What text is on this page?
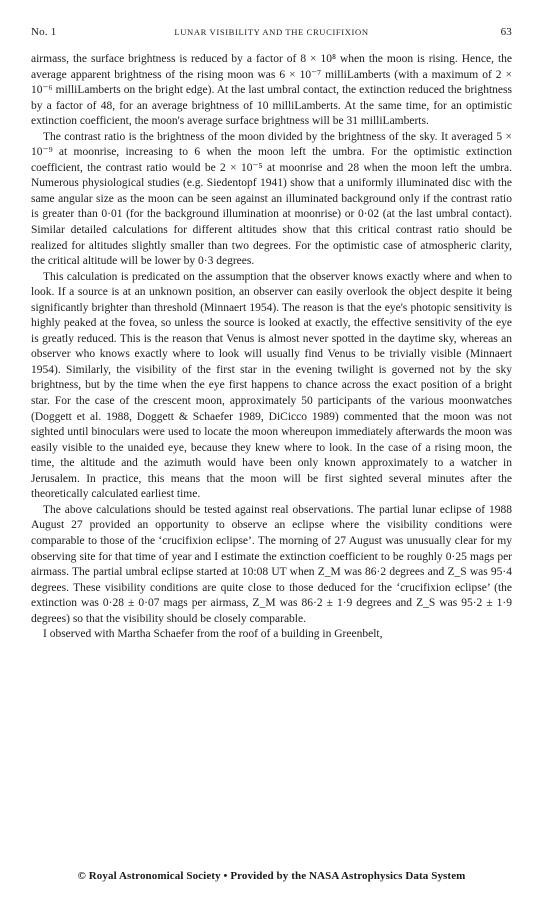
No. 1	LUNAR VISIBILITY AND THE CRUCIFIXION	63

airmass, the surface brightness is reduced by a factor of 8 × 10⁸ when the moon is rising. Hence, the average apparent brightness of the rising moon was 6 × 10⁻⁷ milliLamberts (with a maximum of 2 × 10⁻⁶ milliLamberts on the bright edge). At the last umbral contact, the extinction reduced the brightness by a factor of 48, for an average brightness of 10 milliLamberts. At the same time, for an optimistic extinction coefficient, the moon's average surface brightness will be 31 milliLamberts.

The contrast ratio is the brightness of the moon divided by the brightness of the sky. It averaged 5 × 10⁻⁹ at moonrise, increasing to 6 when the moon left the umbra. For the optimistic extinction coefficient, the contrast ratio would be 2 × 10⁻⁵ at moonrise and 28 when the moon left the umbra. Numerous physiological studies (e.g. Siedentopf 1941) show that a uniformly illuminated disc with the same angular size as the moon can be seen against an illuminated background only if the contrast ratio is greater than 0·01 (for the background illumination at moonrise) or 0·02 (at the last umbral contact). Similar detailed calculations for different altitudes show that this critical contrast ratio should be realized for altitudes slightly smaller than two degrees. For the optimistic case of atmospheric clarity, the critical altitude will be lower by 0·3 degrees.

This calculation is predicated on the assumption that the observer knows exactly where and when to look. If a source is at an unknown position, an observer can easily overlook the object despite it being significantly brighter than threshold (Minnaert 1954). The reason is that the eye's photopic sensitivity is highly peaked at the fovea, so unless the source is looked at exactly, the effective sensitivity of the eye is greatly reduced. This is the reason that Venus is almost never spotted in the daytime sky, whereas an observer who knows exactly where to look will usually find Venus to be trivially visible (Minnaert 1954). Similarly, the visibility of the first star in the evening twilight is governed not by the sky brightness, but by the time when the eye first happens to chance across the exact position of a bright star. For the case of the crescent moon, approximately 50 participants of the various moonwatches (Doggett et al. 1988, Doggett & Schaefer 1989, DiCicco 1989) commented that the moon was not sighted until binoculars were used to locate the moon whereupon immediately afterwards the moon was easily visible to the unaided eye, because they knew where to look. In the case of a rising moon, the time, the altitude and the azimuth would have been only known approximately to a watcher in Jerusalem. In practice, this means that the moon will be first sighted several minutes after the theoretically calculated earliest time.

The above calculations should be tested against real observations. The partial lunar eclipse of 1988 August 27 provided an opportunity to observe an eclipse where the visibility conditions were comparable to those of the ‘crucifixion eclipse’. The morning of 27 August was unusually clear for my observing site for that time of year and I estimate the extinction coefficient to be roughly 0·25 mags per airmass. The partial umbral eclipse started at 10:08 UT when Z_M was 86·2 degrees and Z_S was 95·4 degrees. These visibility conditions are quite close to those deduced for the ‘crucifixion eclipse’ (the extinction was 0·28 ± 0·07 mags per airmass, Z_M was 86·2 ± 1·9 degrees and Z_S was 95·2 ± 1·9 degrees) so that the visibility should be closely comparable.

I observed with Martha Schaefer from the roof of a building in Greenbelt,

© Royal Astronomical Society • Provided by the NASA Astrophysics Data System
